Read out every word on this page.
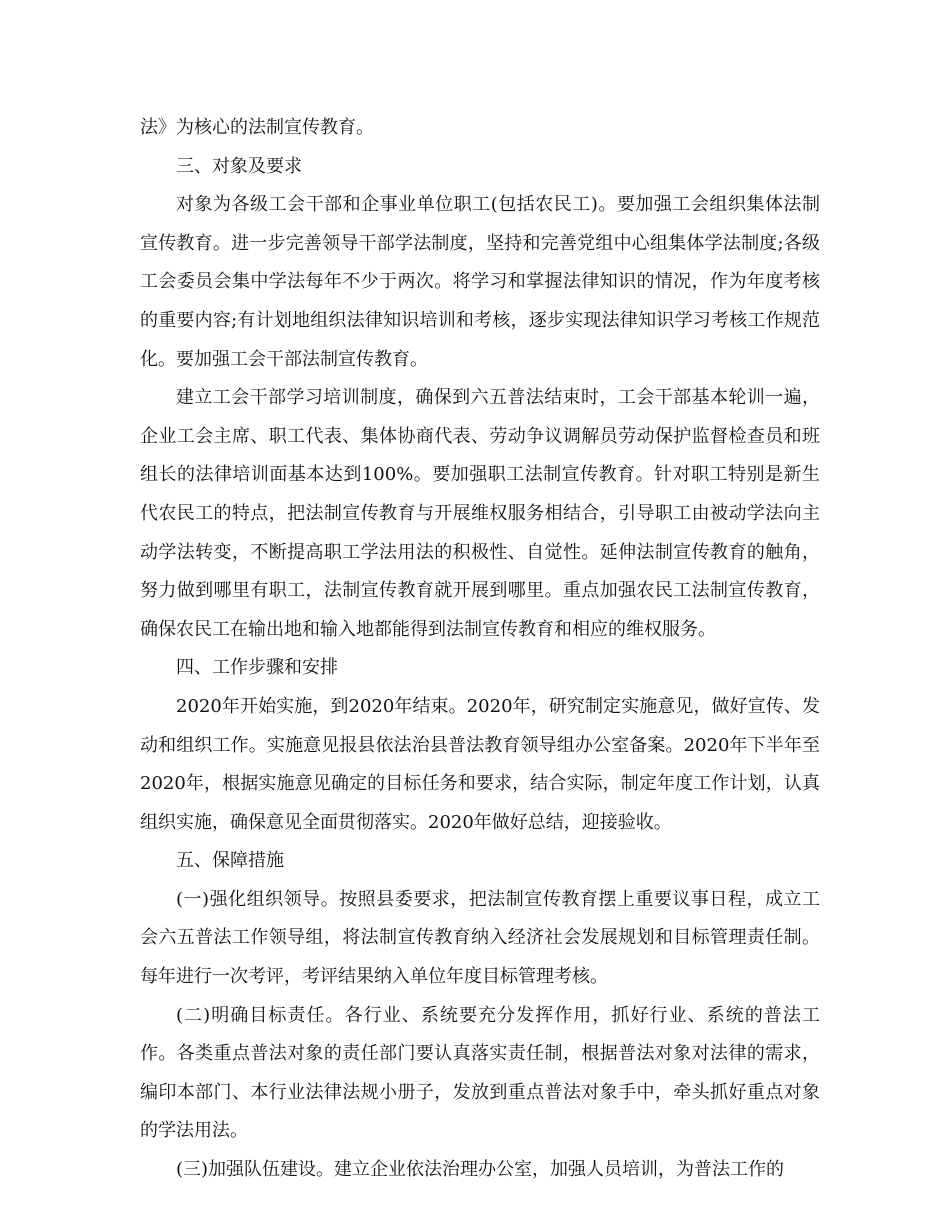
法》为核心的法制宣传教育。

三、对象及要求

对象为各级工会干部和企事业单位职工(包括农民工)。要加强工会组织集体法制宣传教育。进一步完善领导干部学法制度，坚持和完善党组中心组集体学法制度;各级工会委员会集中学法每年不少于两次。将学习和掌握法律知识的情况，作为年度考核的重要内容;有计划地组织法律知识培训和考核，逐步实现法律知识学习考核工作规范化。要加强工会干部法制宣传教育。

建立工会干部学习培训制度，确保到六五普法结束时，工会干部基本轮训一遍，企业工会主席、职工代表、集体协商代表、劳动争议调解员劳动保护监督检查员和班组长的法律培训面基本达到100%。要加强职工法制宣传教育。针对职工特别是新生代农民工的特点，把法制宣传教育与开展维权服务相结合，引导职工由被动学法向主动学法转变，不断提高职工学法用法的积极性、自觉性。延伸法制宣传教育的触角，努力做到哪里有职工，法制宣传教育就开展到哪里。重点加强农民工法制宣传教育，确保农民工在输出地和输入地都能得到法制宣传教育和相应的维权服务。

四、工作步骤和安排

2020年开始实施，到2020年结束。2020年，研究制定实施意见，做好宣传、发动和组织工作。实施意见报县依法治县普法教育领导组办公室备案。2020年下半年至2020年，根据实施意见确定的目标任务和要求，结合实际，制定年度工作计划，认真组织实施，确保意见全面贯彻落实。2020年做好总结，迎接验收。

五、保障措施

(一)强化组织领导。按照县委要求，把法制宣传教育摆上重要议事日程，成立工会六五普法工作领导组，将法制宣传教育纳入经济社会发展规划和目标管理责任制。每年进行一次考评，考评结果纳入单位年度目标管理考核。

(二)明确目标责任。各行业、系统要充分发挥作用，抓好行业、系统的普法工作。各类重点普法对象的责任部门要认真落实责任制，根据普法对象对法律的需求，编印本部门、本行业法律法规小册子，发放到重点普法对象手中，牵头抓好重点对象的学法用法。

(三)加强队伍建设。建立企业依法治理办公室，加强人员培训，为普法工作的
